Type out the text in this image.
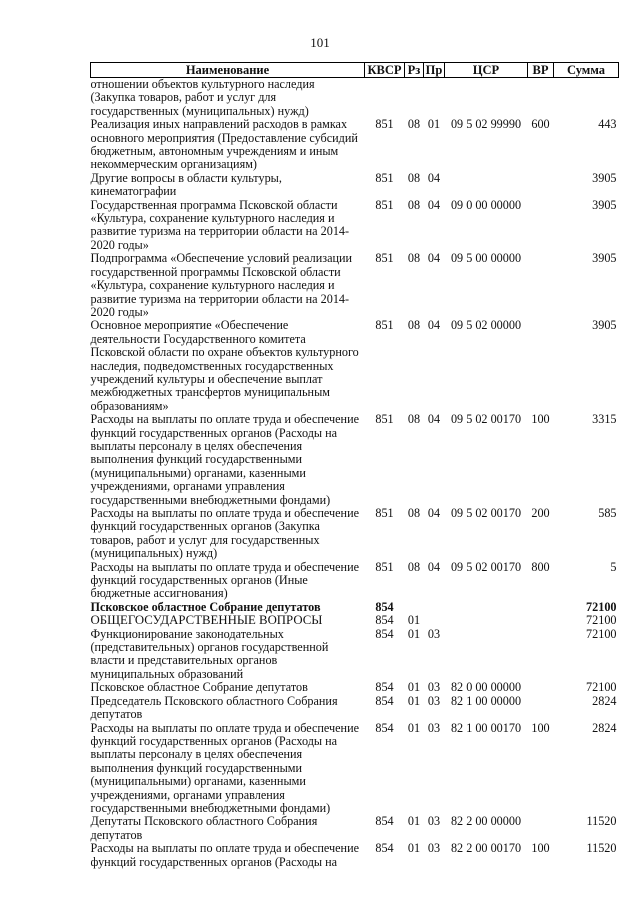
101
Наименование	КВСР	Рз	Пр	ЦСР	ВР	Сумма
отношении объектов культурного наследия (Закупка товаров, работ и услуг для государственных (муниципальных) нужд)						
Реализация иных направлений расходов в рамках основного мероприятия (Предоставление субсидий бюджетным, автономным учреждениям и иным некоммерческим организациям)	851	08	01	09 5 02 99990	600	443
Другие вопросы в области культуры, кинематографии	851	08	04			3905
Государственная программа Псковской области «Культура, сохранение культурного наследия и развитие туризма на территории области на 2014-2020 годы»	851	08	04	09 0 00 00000		3905
Подпрограмма «Обеспечение условий реализации государственной программы Псковской области «Культура, сохранение культурного наследия и развитие туризма на территории области на 2014-2020 годы»	851	08	04	09 5 00 00000		3905
Основное мероприятие «Обеспечение деятельности Государственного комитета Псковской области по охране объектов культурного наследия, подведомственных государственных учреждений культуры и обеспечение выплат межбюджетных трансфертов муниципальным образованиям»	851	08	04	09 5 02 00000		3905
Расходы на выплаты по оплате труда и обеспечение функций государственных органов (Расходы на выплаты персоналу в целях обеспечения выполнения функций государственными (муниципальными) органами, казенными учреждениями, органами управления государственными внебюджетными фондами)	851	08	04	09 5 02 00170	100	3315
Расходы на выплаты по оплате труда и обеспечение функций государственных органов (Закупка товаров, работ и услуг для государственных (муниципальных) нужд)	851	08	04	09 5 02 00170	200	585
Расходы на выплаты по оплате труда и обеспечение функций государственных органов (Иные бюджетные ассигнования)	851	08	04	09 5 02 00170	800	5
Псковское областное Собрание депутатов	854					72100
ОБЩЕГОСУДАРСТВЕННЫЕ ВОПРОСЫ	854	01				72100
Функционирование законодательных (представительных) органов государственной власти и представительных органов муниципальных образований	854	01	03			72100
Псковское областное Собрание депутатов	854	01	03	82 0 00 00000		72100
Председатель Псковского областного Собрания депутатов	854	01	03	82 1 00 00000		2824
Расходы на выплаты по оплате труда и обеспечение функций государственных органов (Расходы на выплаты персоналу в целях обеспечения выполнения функций государственными (муниципальными) органами, казенными учреждениями, органами управления государственными внебюджетными фондами)	854	01	03	82 1 00 00170	100	2824
Депутаты Псковского областного Собрания депутатов	854	01	03	82 2 00 00000		11520
Расходы на выплаты по оплате труда и обеспечение функций государственных органов (Расходы на	854	01	03	82 2 00 00170	100	11520
